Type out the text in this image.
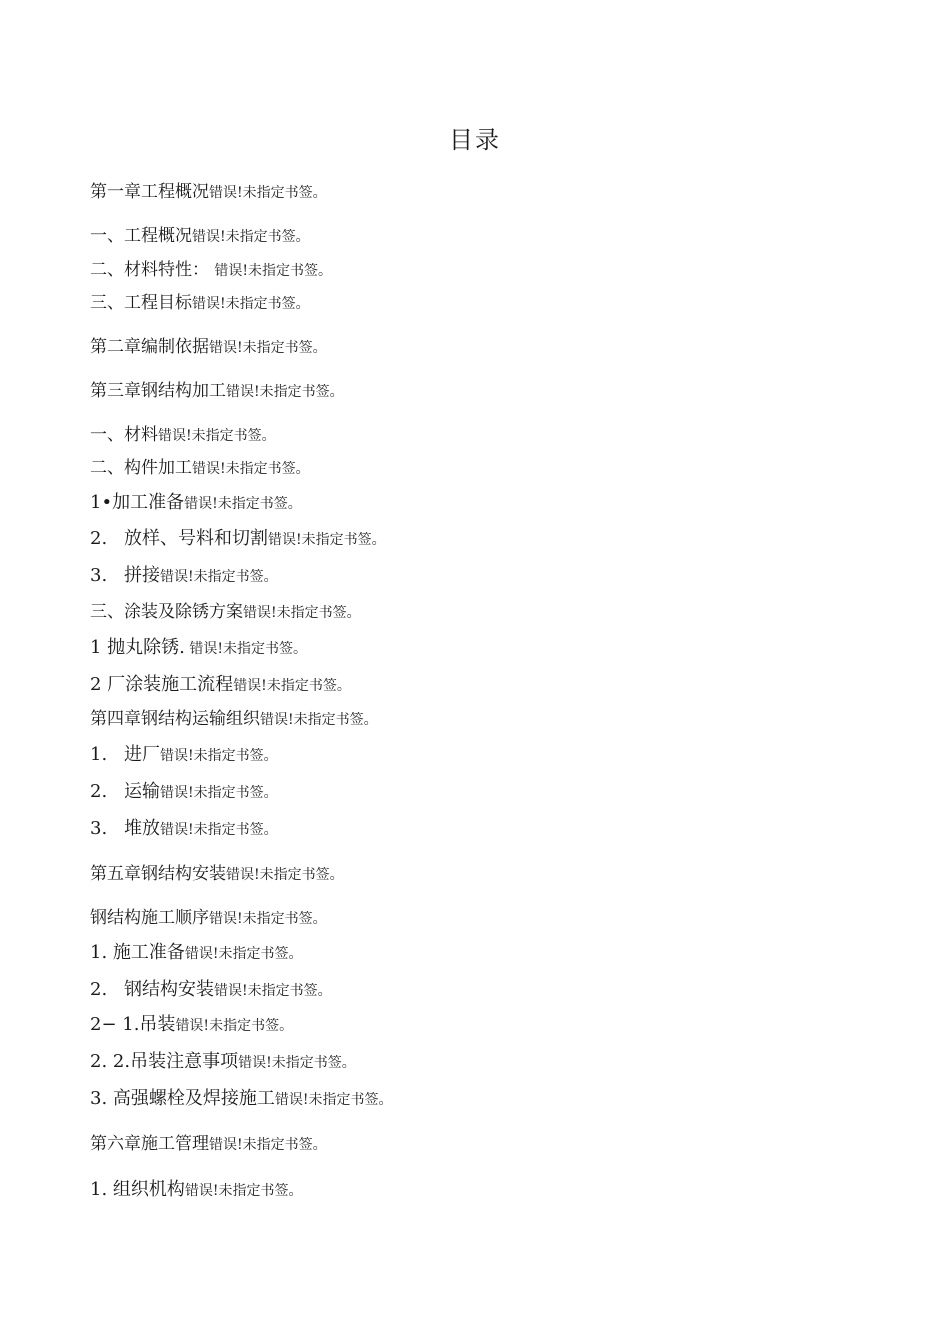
目录
第一章工程概况错误!未指定书签。
一、工程概况错误!未指定书签。
二、材料特性： 错误!未指定书签。
三、工程目标错误!未指定书签。
第二章编制依据错误!未指定书签。
第三章钢结构加工错误!未指定书签。
一、材料错误!未指定书签。
二、构件加工错误!未指定书签。
1•加工准备错误!未指定书签。
2. 放样、号料和切割错误!未指定书签。
3. 拼接错误!未指定书签。
三、涂装及除锈方案错误!未指定书签。
1 抛丸除锈. 错误!未指定书签。
2 厂涂装施工流程错误!未指定书签。
第四章钢结构运输组织错误!未指定书签。
1. 进厂错误!未指定书签。
2. 运输错误!未指定书签。
3. 堆放错误!未指定书签。
第五章钢结构安装错误!未指定书签。
钢结构施工顺序错误!未指定书签。
1. 施工准备错误!未指定书签。
2. 钢结构安装错误!未指定书签。
2− 1.吊装错误!未指定书签。
2. 2.吊装注意事项错误!未指定书签。
3. 高强螺栓及焊接施工错误!未指定书签。
第六章施工管理错误!未指定书签。
1. 组织机构错误!未指定书签。
